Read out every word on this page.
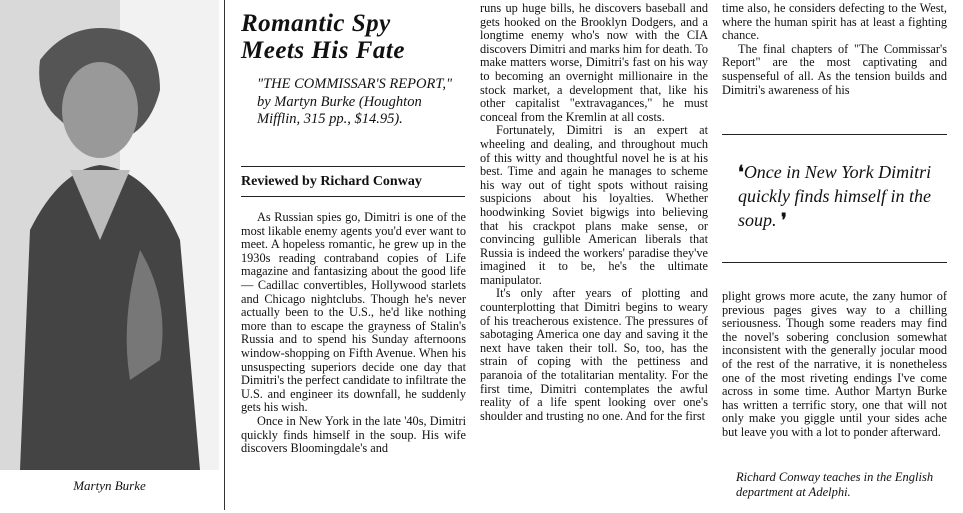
Martyn Burke
Romantic Spy
Meets His Fate
"THE COMMISSAR'S REPORT," by Martyn Burke (Houghton Mifflin, 315 pp., $14.95).
Reviewed by Richard Conway

As Russian spies go, Dimitri is one of the most likable enemy agents you'd ever want to meet. A hopeless romantic, he grew up in the 1930s reading contraband copies of Life magazine and fantasizing about the good life — Cadillac convertibles, Hollywood starlets and Chicago nightclubs. Though he's never actually been to the U.S., he'd like nothing more than to escape the grayness of Stalin's Russia and to spend his Sunday afternoons window-shopping on Fifth Avenue. When his unsuspecting superiors decide one day that Dimitri's the perfect candidate to infiltrate the U.S. and engineer its downfall, he suddenly gets his wish.

Once in New York in the late '40s, Dimitri quickly finds himself in the soup. His wife discovers Bloomingdale's and

runs up huge bills, he discovers baseball and gets hooked on the Brooklyn Dodgers, and a longtime enemy who's now with the CIA discovers Dimitri and marks him for death. To make matters worse, Dimitri's fast on his way to becoming an overnight millionaire in the stock market, a development that, like his other capitalist "extravagances," he must conceal from the Kremlin at all costs.

Fortunately, Dimitri is an expert at wheeling and dealing, and throughout much of this witty and thoughtful novel he is at his best. Time and again he manages to scheme his way out of tight spots without raising suspicions about his loyalties. Whether hoodwinking Soviet bigwigs into believing that his crackpot plans make sense, or convincing gullible American liberals that Russia is indeed the workers' paradise they've imagined it to be, he's the ultimate manipulator.

It's only after years of plotting and counterplotting that Dimitri begins to weary of his treacherous existence. The pressures of sabotaging America one day and saving it the next have taken their toll. So, too, has the strain of coping with the pettiness and paranoia of the totalitarian mentality. For the first time, Dimitri contemplates the awful reality of a life spent looking over one's shoulder and trusting no one. And for the first

time also, he considers defecting to the West, where the human spirit has at least a fighting chance.

The final chapters of "The Commissar's Report" are the most captivating and suspenseful of all. As the tension builds and Dimitri's awareness of his

❛Once in New York Dimitri quickly finds himself in the soup. ❜

plight grows more acute, the zany humor of previous pages gives way to a chilling seriousness. Though some readers may find the novel's sobering conclusion somewhat inconsistent with the generally jocular mood of the rest of the narrative, it is nonetheless one of the most riveting endings I've come across in some time. Author Martyn Burke has written a terrific story, one that will not only make you giggle until your sides ache but leave you with a lot to ponder afterward.

Richard Conway teaches in the English department at Adelphi.
